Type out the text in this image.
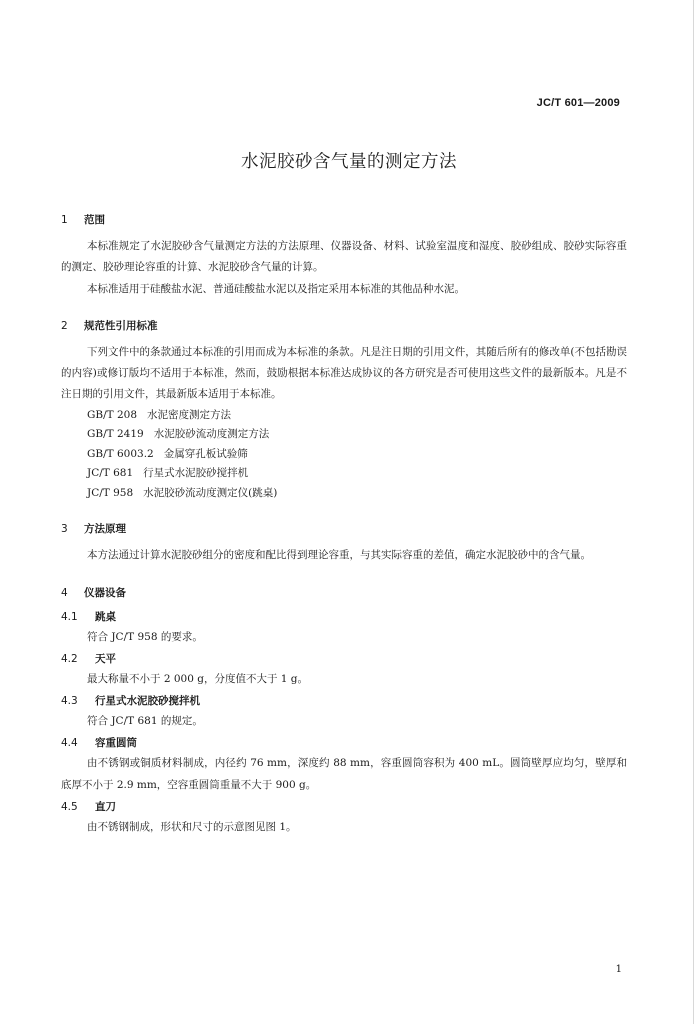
JC/T 601—2009
水泥胶砂含气量的测定方法
1 范围

本标准规定了水泥胶砂含气量测定方法的方法原理、仪器设备、材料、试验室温度和湿度、胶砂组成、胶砂实际容重的测定、胶砂理论容重的计算、水泥胶砂含气量的计算。

本标准适用于硅酸盐水泥、普通硅酸盐水泥以及指定采用本标准的其他品种水泥。

2 规范性引用标准

下列文件中的条款通过本标准的引用而成为本标准的条款。凡是注日期的引用文件，其随后所有的修改单(不包括勘误的内容)或修订版均不适用于本标准，然而，鼓励根据本标准达成协议的各方研究是否可使用这些文件的最新版本。凡是不注日期的引用文件，其最新版本适用于本标准。

GB/T 208 水泥密度测定方法

GB/T 2419 水泥胶砂流动度测定方法

GB/T 6003.2 金属穿孔板试验筛

JC/T 681 行星式水泥胶砂搅拌机

JC/T 958 水泥胶砂流动度测定仪(跳桌)

3 方法原理

本方法通过计算水泥胶砂组分的密度和配比得到理论容重，与其实际容重的差值，确定水泥胶砂中的含气量。

4 仪器设备
4.1 跳桌

符合 JC/T 958 的要求。

4.2 天平

最大称量不小于 2 000 g，分度值不大于 1 g。

4.3 行星式水泥胶砂搅拌机

符合 JC/T 681 的规定。

4.4 容重圆筒

由不锈钢或铜质材料制成，内径约 76 mm，深度约 88 mm，容重圆筒容积为 400 mL。圆筒壁厚应均匀，壁厚和底厚不小于 2.9 mm，空容重圆筒重量不大于 900 g。

4.5 直刀

由不锈钢制成，形状和尺寸的示意图见图 1。

1
